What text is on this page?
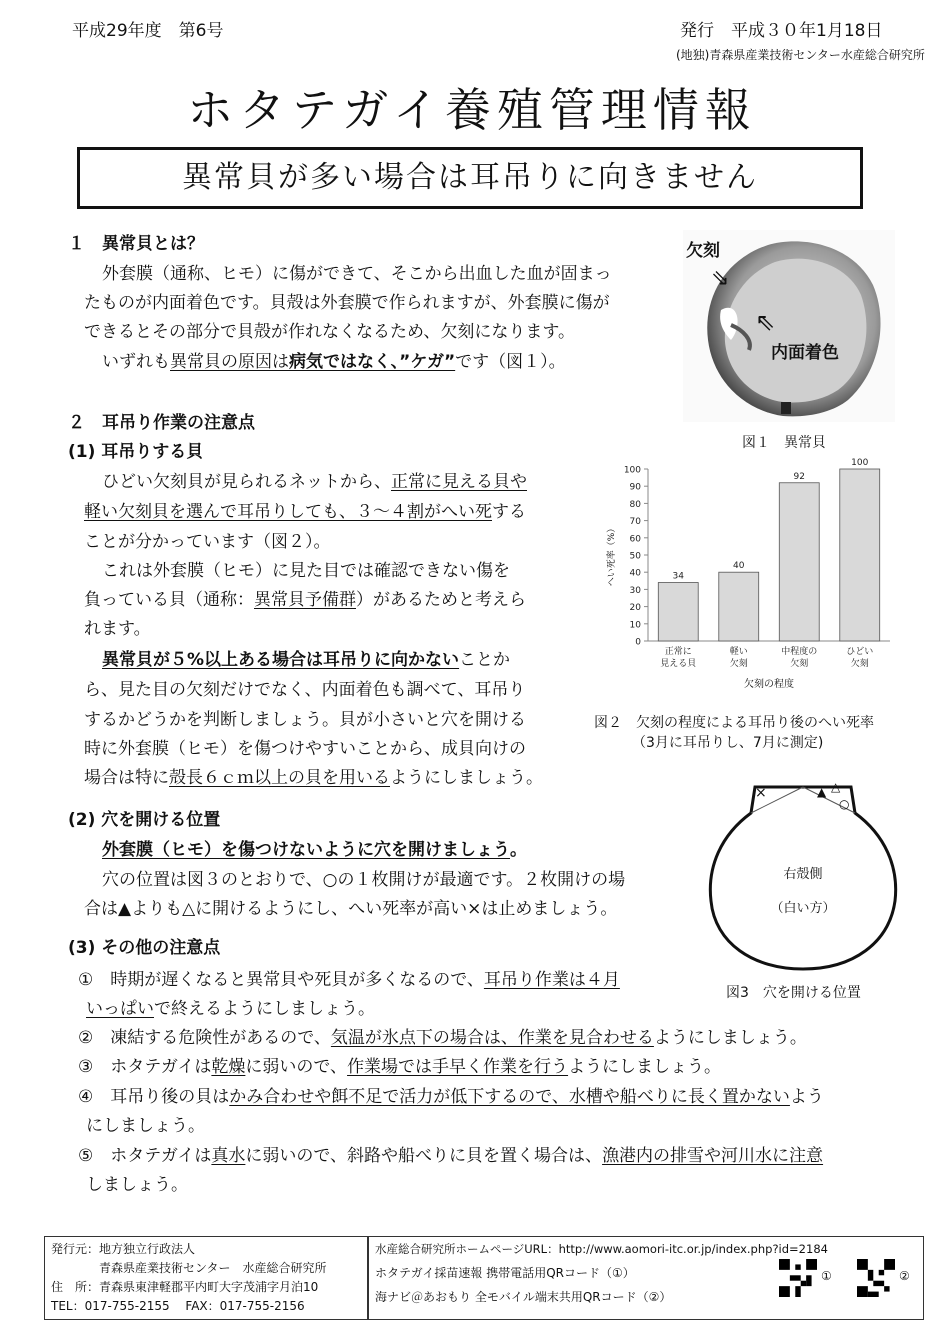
平成29年度　第6号	発行　平成３０年1月18日
(地独)青森県産業技術センター水産総合研究所
ホタテガイ養殖管理情報
異常貝が多い場合は耳吊りに向きません
１　異常貝とは？
外套膜（通称、ヒモ）に傷ができて、そこから出血した血が固まっ
たものが内面着色です。貝殻は外套膜で作られますが、外套膜に傷が
できるとその部分で貝殻が作れなくなるため、欠刻になります。
いずれも異常貝の原因は病気ではなく、”ケガ”です（図１）。
欠刻
⇘
⇖
内面着色
図１　異常貝
２　耳吊り作業の注意点
(1) 耳吊りする貝
ひどい欠刻貝が見られるネットから、正常に見える貝や
軽い欠刻貝を選んで耳吊りしても、３～４割がへい死する
ことが分かっています（図２）。
これは外套膜（ヒモ）に見た目では確認できない傷を
負っている貝（通称：異常貝予備群）があるためと考えら
れます。
異常貝が５%以上ある場合は耳吊りに向かないことか
ら、見た目の欠刻だけでなく、内面着色も調べて、耳吊り
するかどうかを判断しましょう。貝が小さいと穴を開ける
時に外套膜（ヒモ）を傷つけやすいことから、成貝向けの
場合は特に殻長６ｃｍ以上の貝を用いるようにしましょう。
0
10
20
30
40
50
60
70
80
90
100
34
正常に
見える貝
40
軽い
欠刻
92
中程度の
欠刻
100
ひどい
欠刻
欠刻の程度
へい死率（%）
図２　欠刻の程度による耳吊り後のへい死率
（3月に耳吊りし、7月に測定)
(2) 穴を開ける位置
外套膜（ヒモ）を傷つけないように穴を開けましょう。
穴の位置は図３のとおりで、○の１枚開けが最適です。２枚開けの場
合は▲よりも△に開けるようにし、へい死率が高い×は止めましょう。
×	▲ △
○
右殻側
（白い方）
図3　穴を開ける位置
(3) その他の注意点
①　時期が遅くなると異常貝や死貝が多くなるので、耳吊り作業は４月
いっぱいで終えるようにしましょう。
②　凍結する危険性があるので、気温が氷点下の場合は、作業を見合わせるようにしましょう。
③　ホタテガイは乾燥に弱いので、作業場では手早く作業を行うようにしましょう。
④　耳吊り後の貝はかみ合わせや餌不足で活力が低下するので、水槽や船べりに長く置かないよう
にしましょう。
⑤　ホタテガイは真水に弱いので、斜路や船べりに貝を置く場合は、漁港内の排雪や河川水に注意
しましょう。
発行元：地方独立行政法人
　　　　青森県産業技術センター　水産総合研究所
住　所：青森県東津軽郡平内町大字茂浦字月泊10
TEL：017-755-2155　 FAX：017-755-2156
水産総合研究所ホームページURL：http://www.aomori-itc.or.jp/index.php?id=2184
ホタテガイ採苗速報 携帯電話用QRコード（①）
海ナビ＠あおもり 全モバイル端末共用QRコード（②）
①	②
